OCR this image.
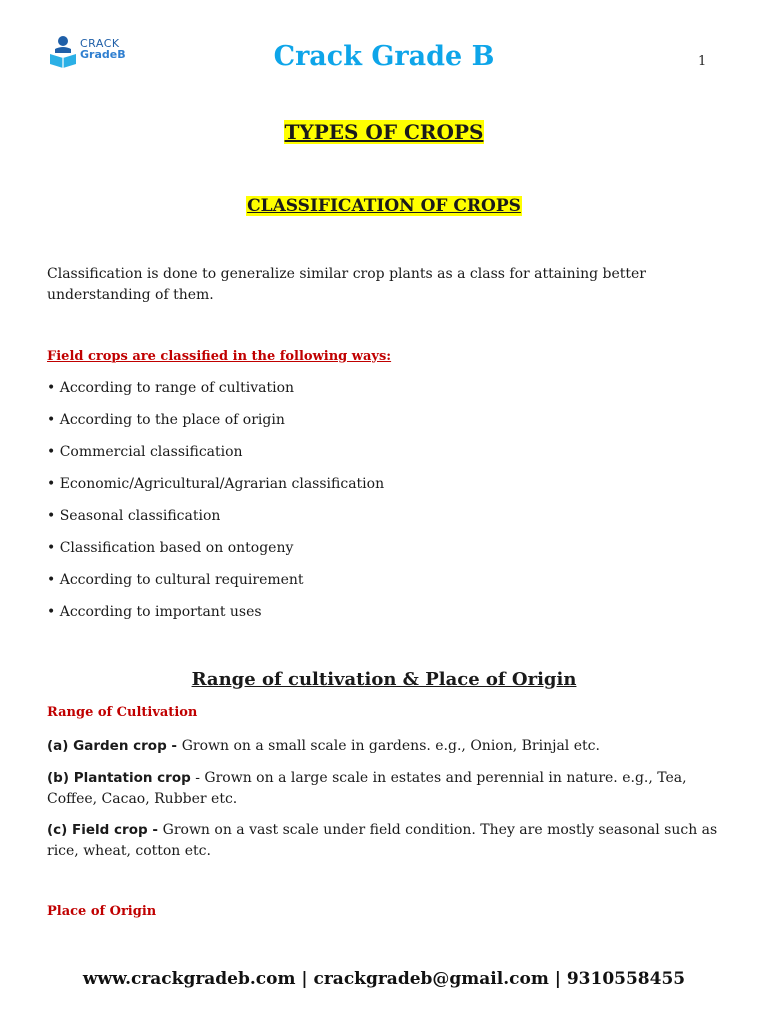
CRACK
GradeB	Crack Grade B	1
TYPES OF CROPS
CLASSIFICATION OF CROPS
Classification is done to generalize similar crop plants as a class for attaining better understanding of them.
Field crops are classified in the following ways:
• According to range of cultivation
• According to the place of origin
• Commercial classification
• Economic/Agricultural/Agrarian classification
• Seasonal classification
• Classification based on ontogeny
• According to cultural requirement
• According to important uses
Range of cultivation & Place of Origin
Range of Cultivation
(a) Garden crop - Grown on a small scale in gardens. e.g., Onion, Brinjal etc.
(b) Plantation crop - Grown on a large scale in estates and perennial in nature. e.g., Tea, Coffee, Cacao, Rubber etc.
(c) Field crop - Grown on a vast scale under field condition. They are mostly seasonal such as rice, wheat, cotton etc.
Place of Origin
www.crackgradeb.com | crackgradeb@gmail.com | 9310558455
